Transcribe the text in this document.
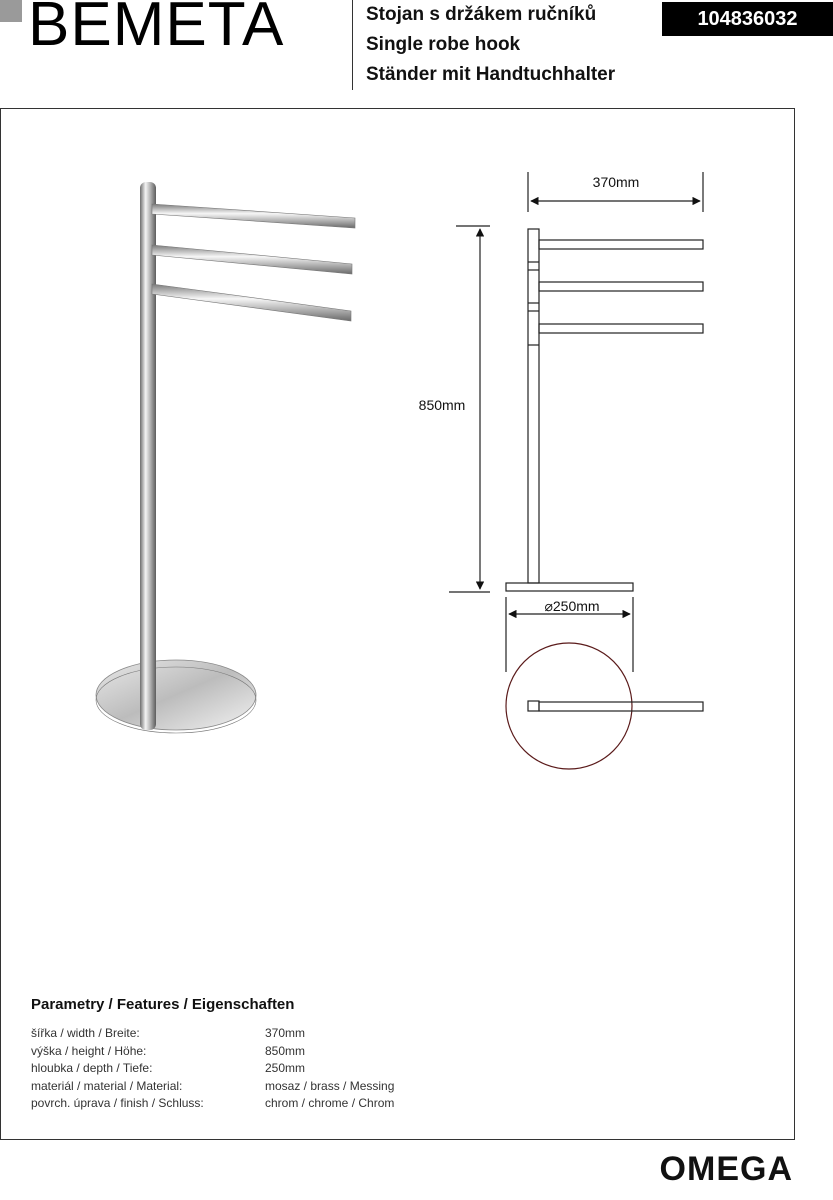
BEMETA	Stojan s držákem ručníků
Single robe hook
Ständer mit Handtuchhalter
104836032
370mm
850mm
⌀250mm
Parametry / Features / Eigenschaften
šířka / width / Breite:	370mm
výška / height / Höhe:	850mm
hloubka / depth / Tiefe:	250mm
materiál / material / Material:	mosaz / brass / Messing
povrch. úprava / finish / Schluss:	chrom / chrome / Chrom
OMEGA
